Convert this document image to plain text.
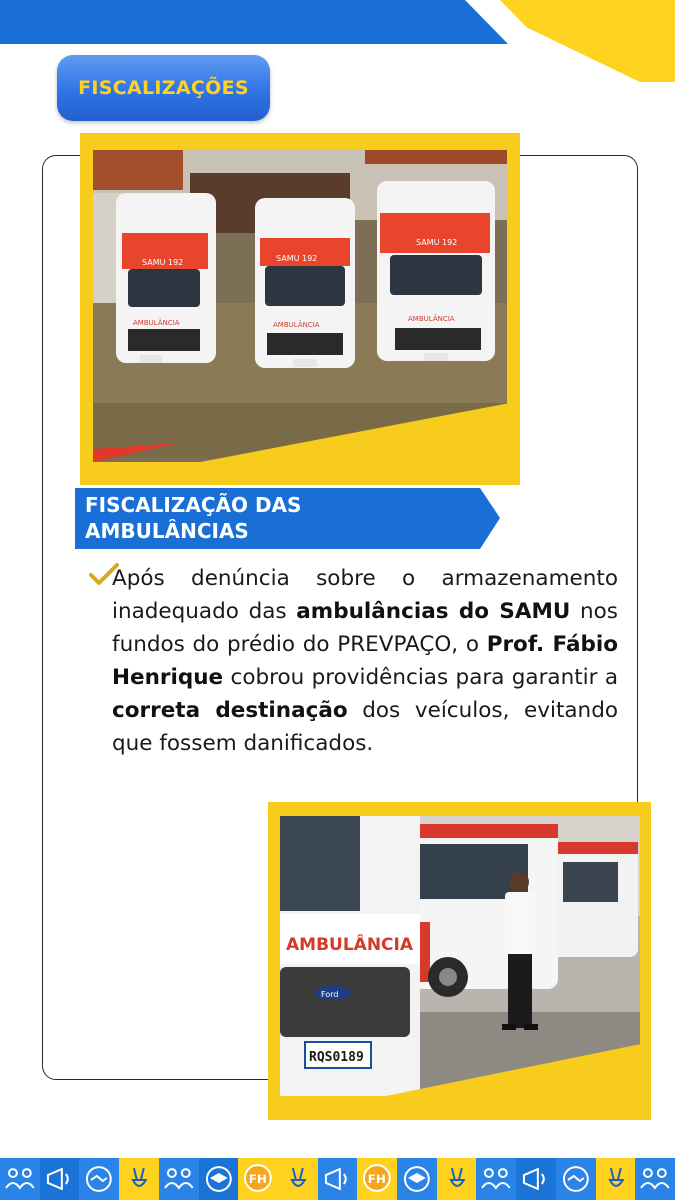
FISCALIZAÇÕES
SAMU 192	SAMU 192
SAMU 192
AMBULÂNCIA	AMBULÂNCIA
AMBULÂNCIA
FISCALIZAÇÃO DAS
AMBULÂNCIAS

Após denúncia sobre o armazenamento inadequado das ambulâncias do SAMU nos fundos do prédio do PREVPAÇO, o Prof. Fábio Henrique cobrou providências para garantir a correta destinação dos veículos, evitando que fossem danificados.

AMBULÂNCIA
Ford
RQS0189
FH	FH
